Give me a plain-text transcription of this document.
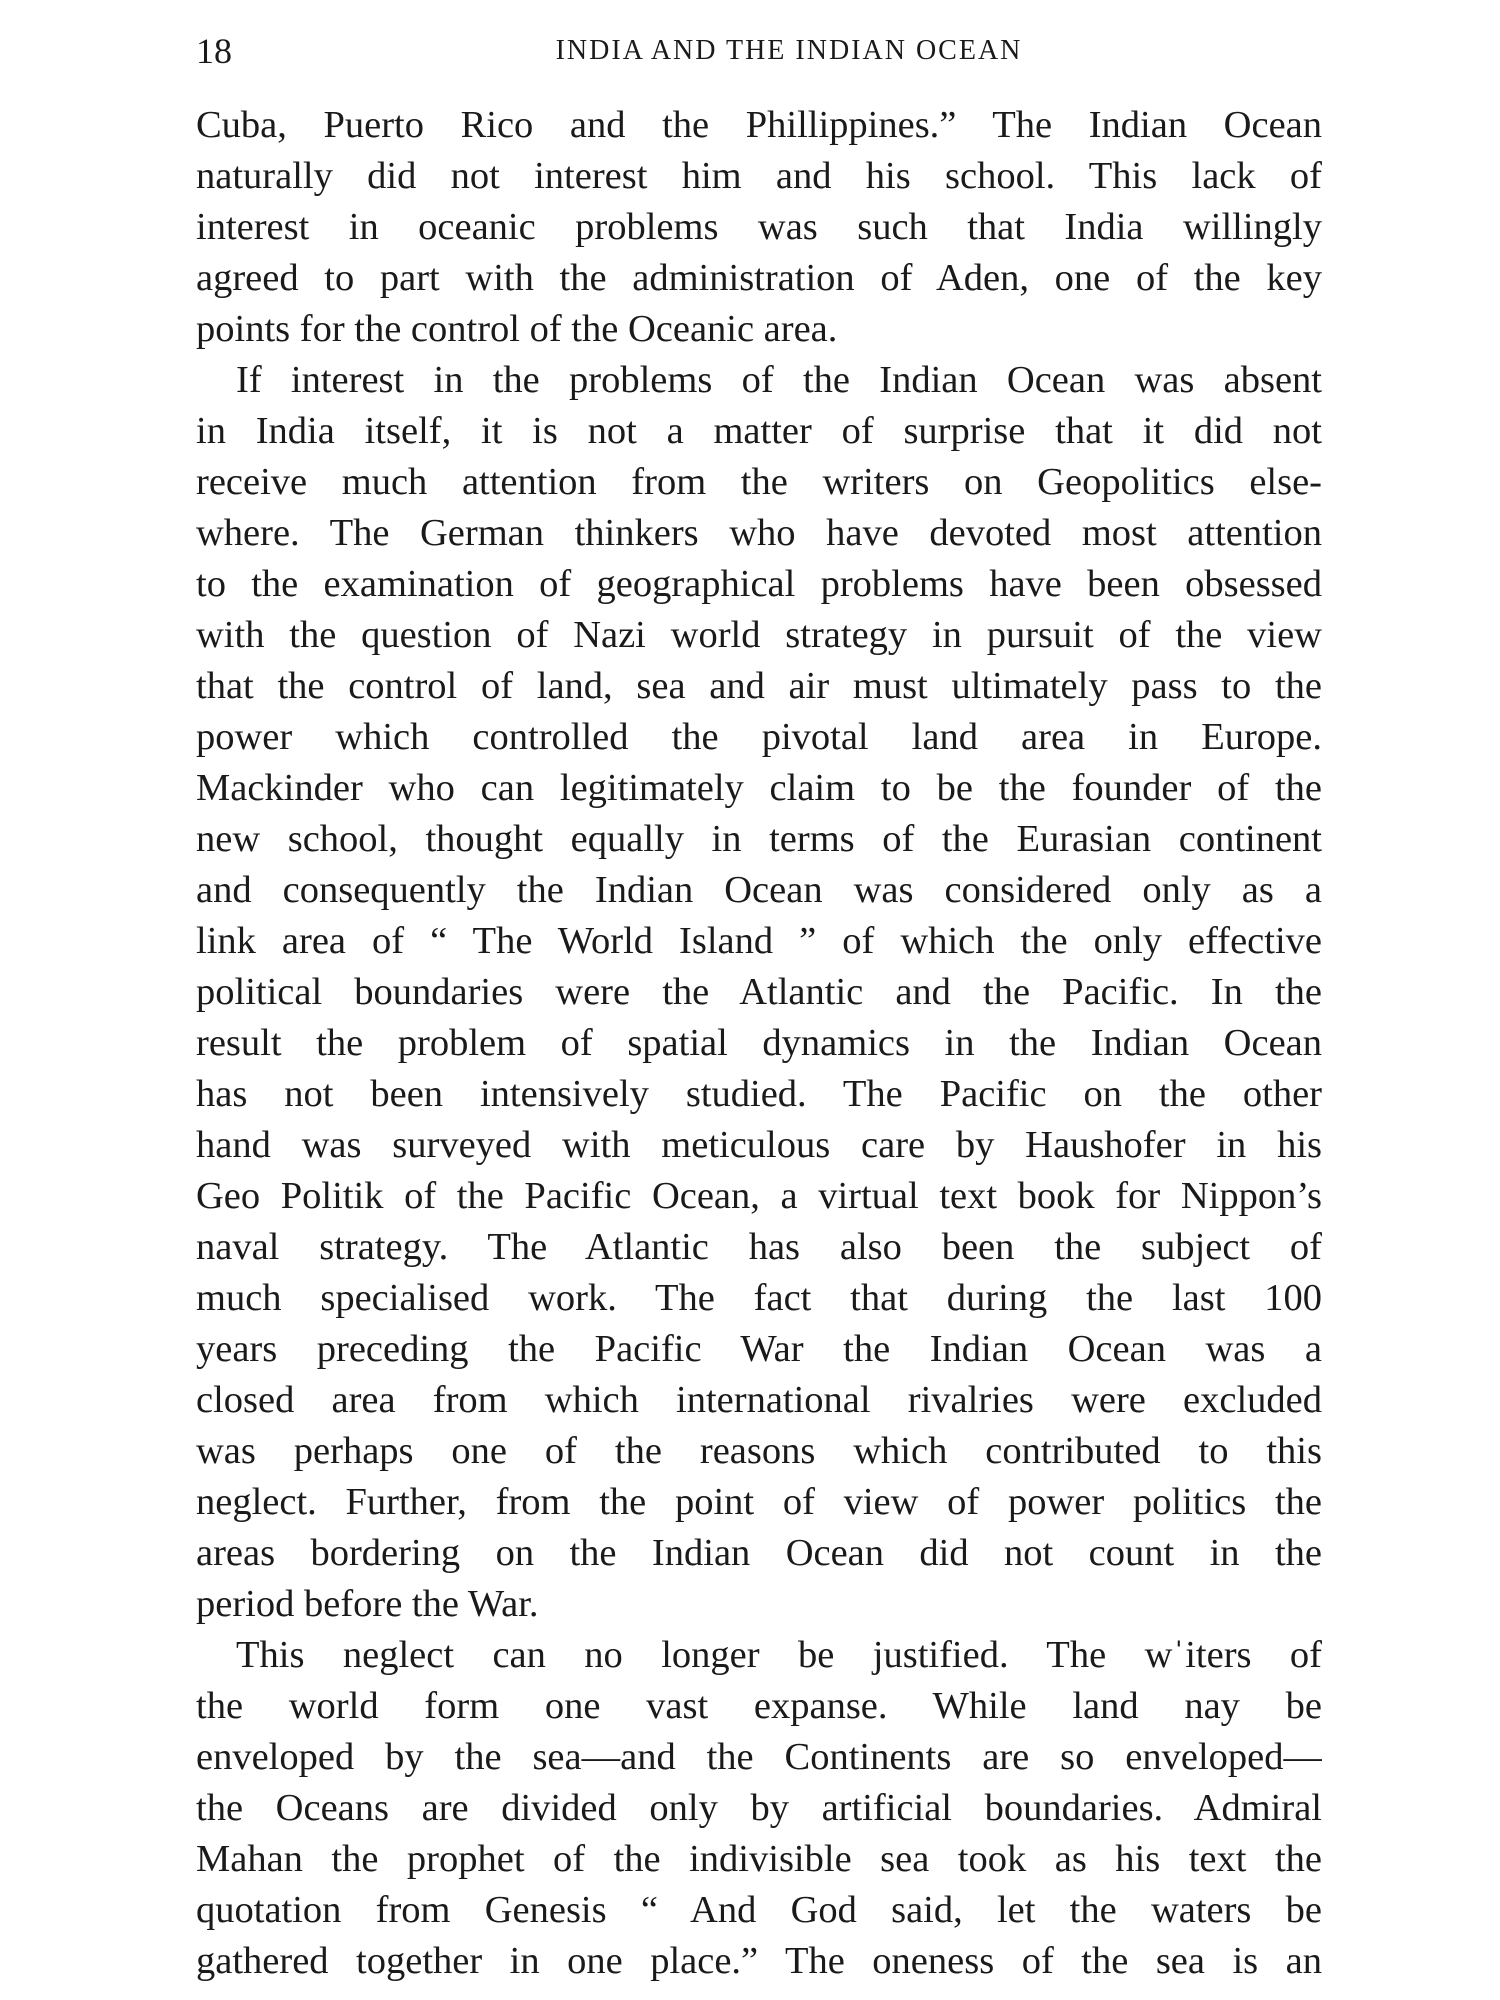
18	INDIA AND THE INDIAN OCEAN
Cuba, Puerto Rico and the Phillippines.” The Indian Ocean
naturally did not interest him and his school. This lack of
interest in oceanic problems was such that India willingly
agreed to part with the administration of Aden, one of the key
points for the control of the Oceanic area.
If interest in the problems of the Indian Ocean was absent
in India itself, it is not a matter of surprise that it did not
receive much attention from the writers on Geopolitics else-
where. The German thinkers who have devoted most attention
to the examination of geographical problems have been obsessed
with the question of Nazi world strategy in pursuit of the view
that the control of land, sea and air must ultimately pass to the
power which controlled the pivotal land area in Europe.
Mackinder who can legitimately claim to be the founder of the
new school, thought equally in terms of the Eurasian continent
and consequently the Indian Ocean was considered only as a
link area of “ The World Island ” of which the only effective
political boundaries were the Atlantic and the Pacific. In the
result the problem of spatial dynamics in the Indian Ocean
has not been intensively studied. The Pacific on the other
hand was surveyed with meticulous care by Haushofer in his
Geo Politik of the Pacific Ocean, a virtual text book for Nippon’s
naval strategy. The Atlantic has also been the subject of
much specialised work. The fact that during the last 100
years preceding the Pacific War the Indian Ocean was a
closed area from which international rivalries were excluded
was perhaps one of the reasons which contributed to this
neglect. Further, from the point of view of power politics the
areas bordering on the Indian Ocean did not count in the
period before the War.
This neglect can no longer be justified. The wˈiters of
the world form one vast expanse. While land nay be
enveloped by the sea—and the Continents are so enveloped—
the Oceans are divided only by artificial boundaries. Admiral
Mahan the prophet of the indivisible sea took as his text the
quotation from Genesis “ And God said, let the waters be
gathered together in one place.” The oneness of the sea is an
